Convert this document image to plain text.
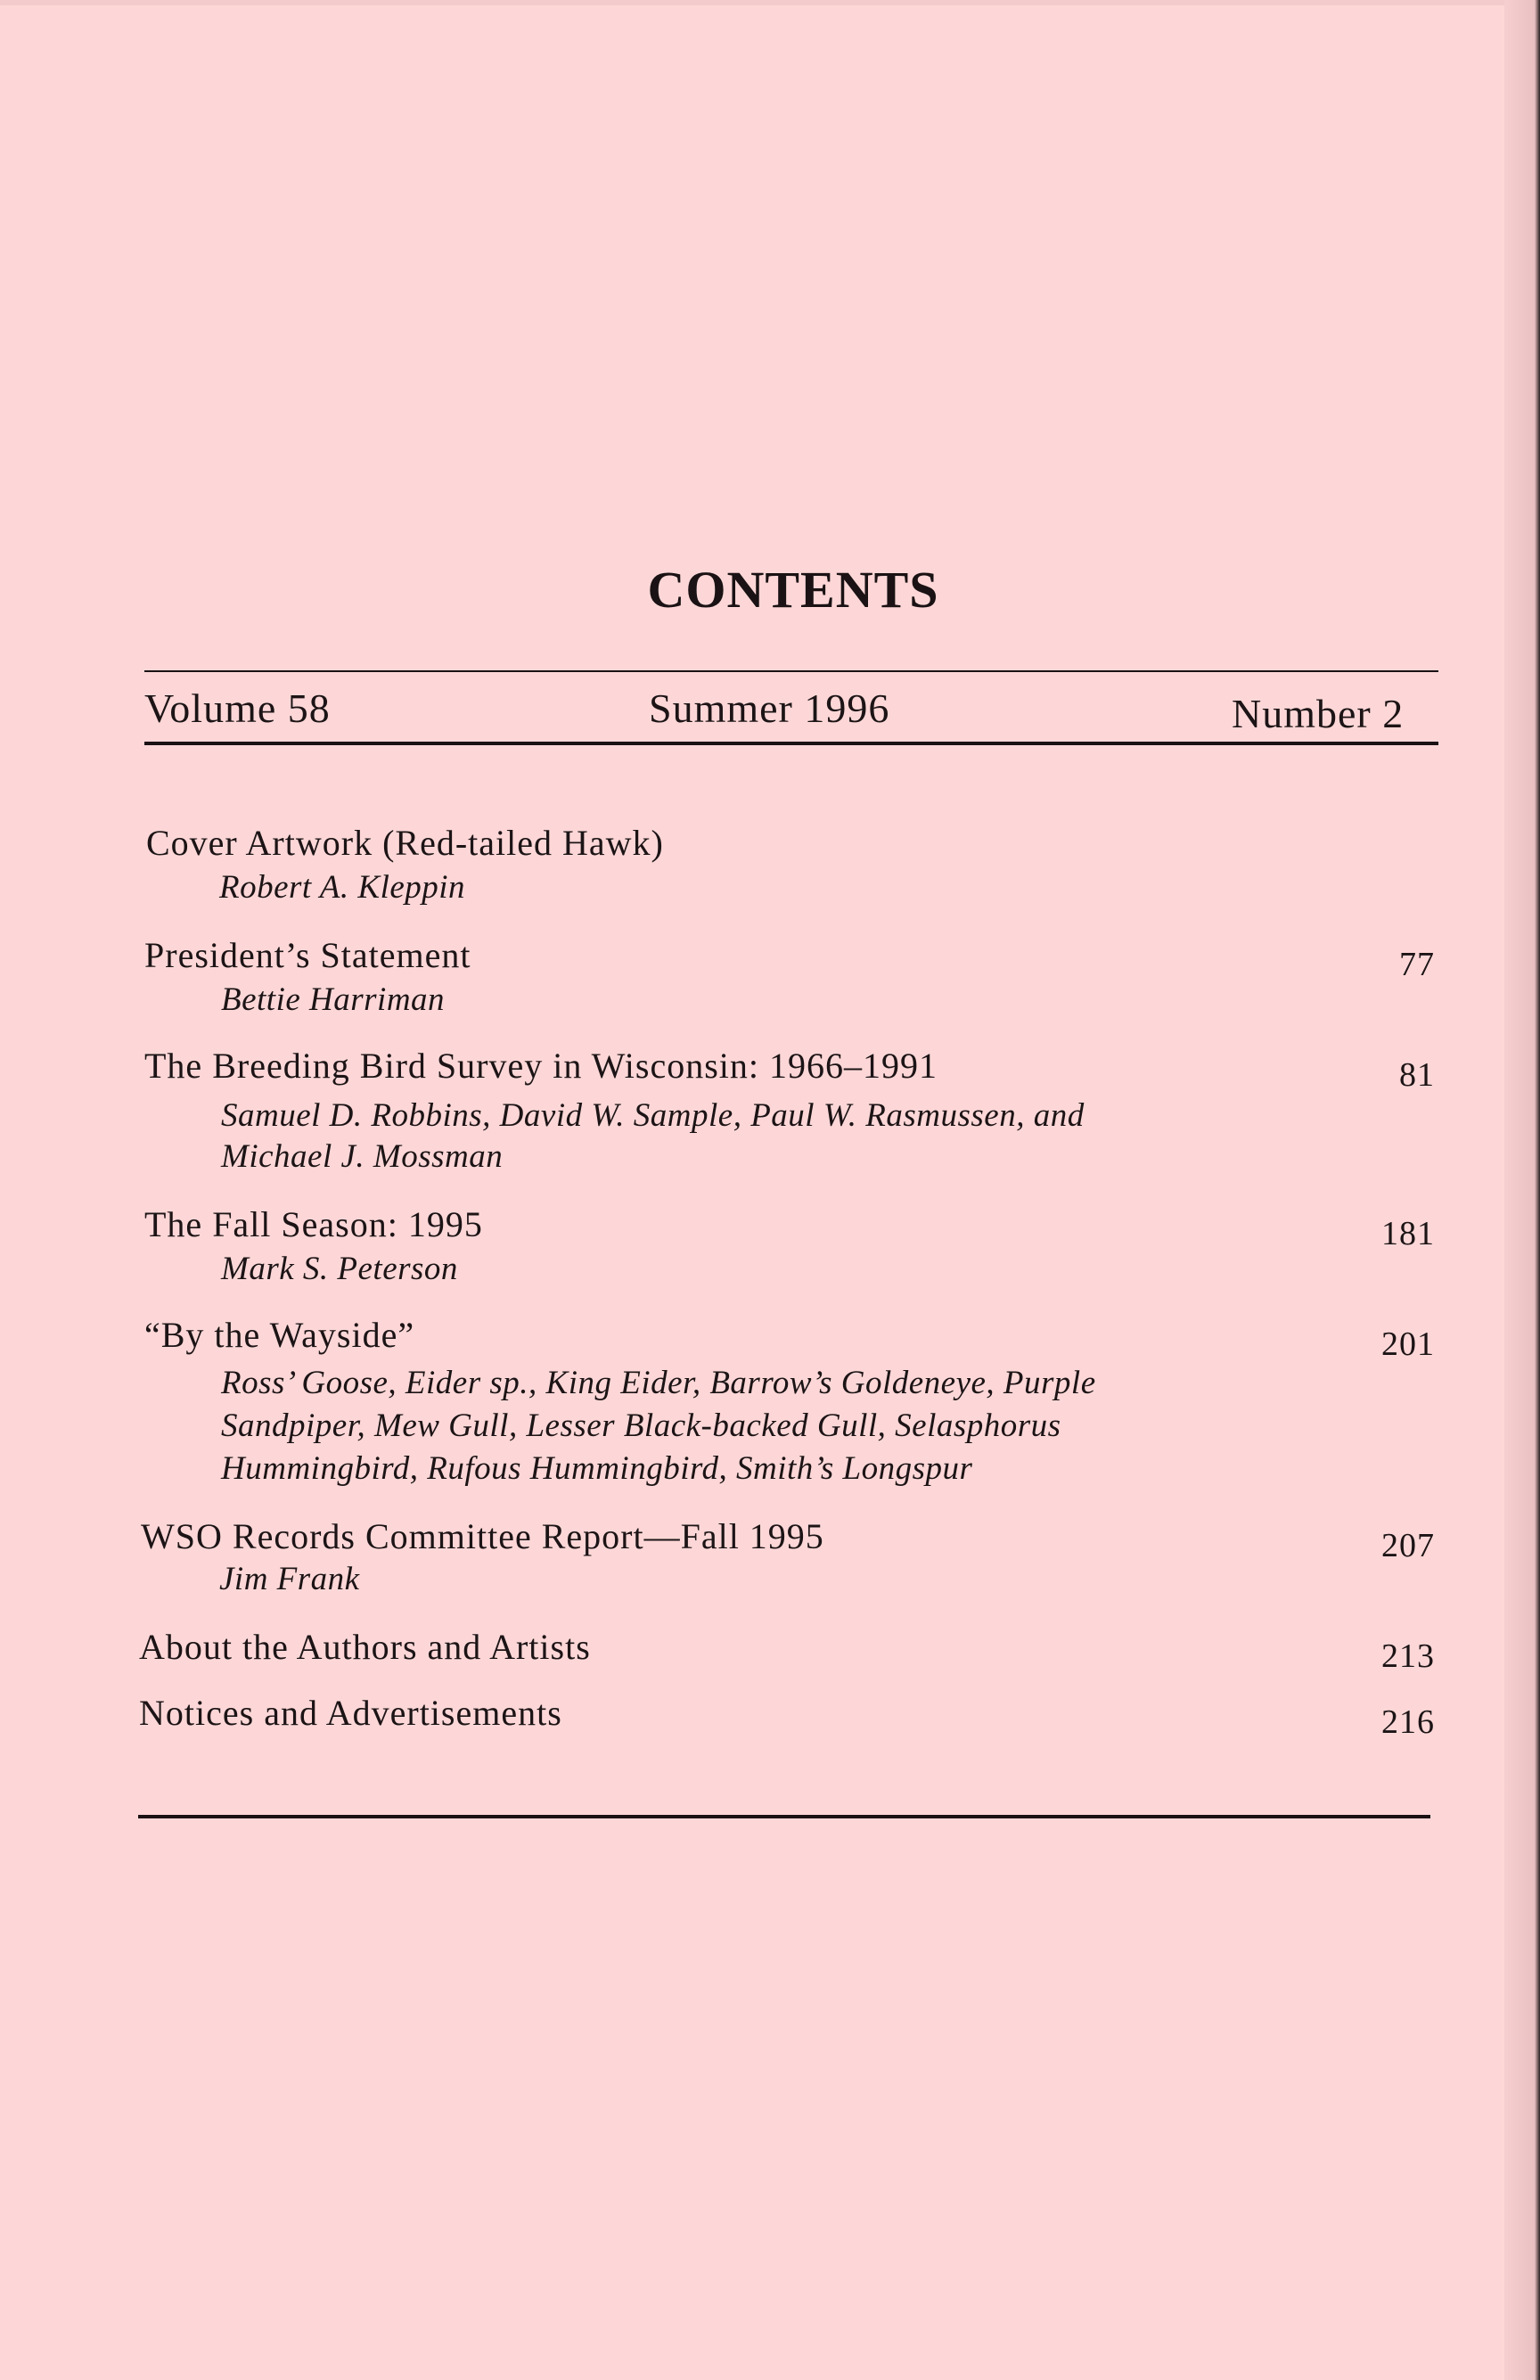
CONTENTS
Volume 58	Summer 1996	Number 2
Cover Artwork (Red-tailed Hawk)
Robert A. Kleppin
President’s Statement	77
Bettie Harriman
The Breeding Bird Survey in Wisconsin: 1966–1991	81
Samuel D. Robbins, David W. Sample, Paul W. Rasmussen, and
Michael J. Mossman
The Fall Season: 1995	181
Mark S. Peterson
“By the Wayside”	201
Ross’ Goose, Eider sp., King Eider, Barrow’s Goldeneye, Purple
Sandpiper, Mew Gull, Lesser Black-backed Gull, Selasphorus
Hummingbird, Rufous Hummingbird, Smith’s Longspur
WSO Records Committee Report—Fall 1995	207
Jim Frank
About the Authors and Artists	213
Notices and Advertisements	216
